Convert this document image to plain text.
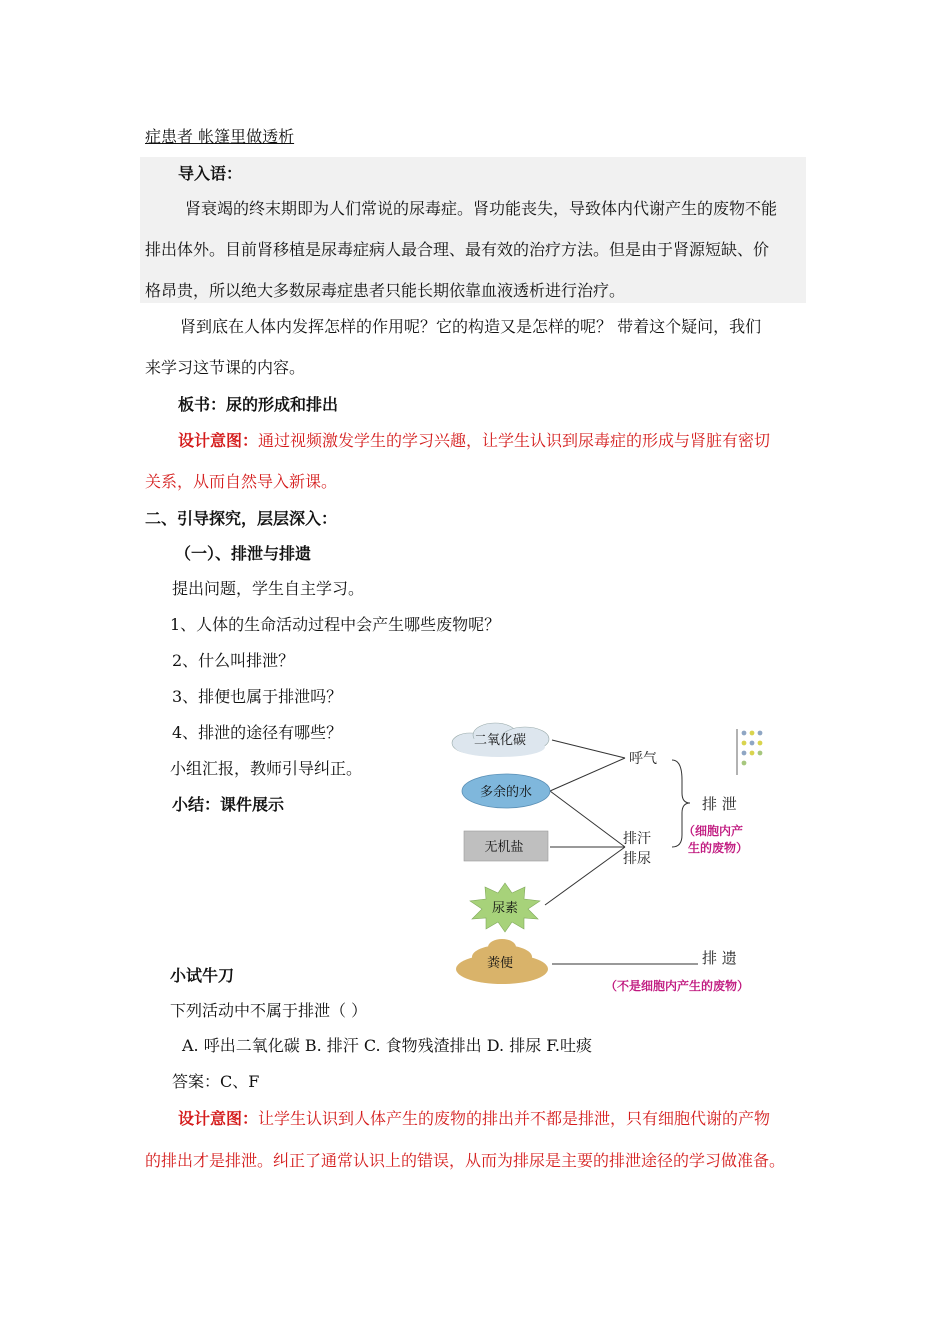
症患者 帐篷里做透析
导入语：
肾衰竭的终末期即为人们常说的尿毒症。肾功能丧失，导致体内代谢产生的废物不能
排出体外。目前肾移植是尿毒症病人最合理、最有效的治疗方法。但是由于肾源短缺、价
格昂贵，所以绝大多数尿毒症患者只能长期依靠血液透析进行治疗。
肾到底在人体内发挥怎样的作用呢？它的构造又是怎样的呢？ 带着这个疑问，我们
来学习这节课的内容。
板书：尿的形成和排出
设计意图：通过视频激发学生的学习兴趣，让学生认识到尿毒症的形成与肾脏有密切
关系，从而自然导入新课。
二、引导探究，层层深入：
（一）、排泄与排遗
提出问题，学生自主学习。
1、人体的生命活动过程中会产生哪些废物呢？
2、什么叫排泄？
3、排便也属于排泄吗？
4、排泄的途径有哪些？
小组汇报，教师引导纠正。
小结：课件展示
二氧化碳
多余的水
无机盐
尿素
粪便
呼气
排汗
排尿
排 泄
（细胞内产
生的废物）
排 遗
（不是细胞内产生的废物）
小试牛刀
下列活动中不属于排泄（ ）
A. 呼出二氧化碳 B. 排汗 C. 食物残渣排出 D. 排尿 F.吐痰
答案：C、F
设计意图：让学生认识到人体产生的废物的排出并不都是排泄，只有细胞代谢的产物
的排出才是排泄。纠正了通常认识上的错误，从而为排尿是主要的排泄途径的学习做准备。
